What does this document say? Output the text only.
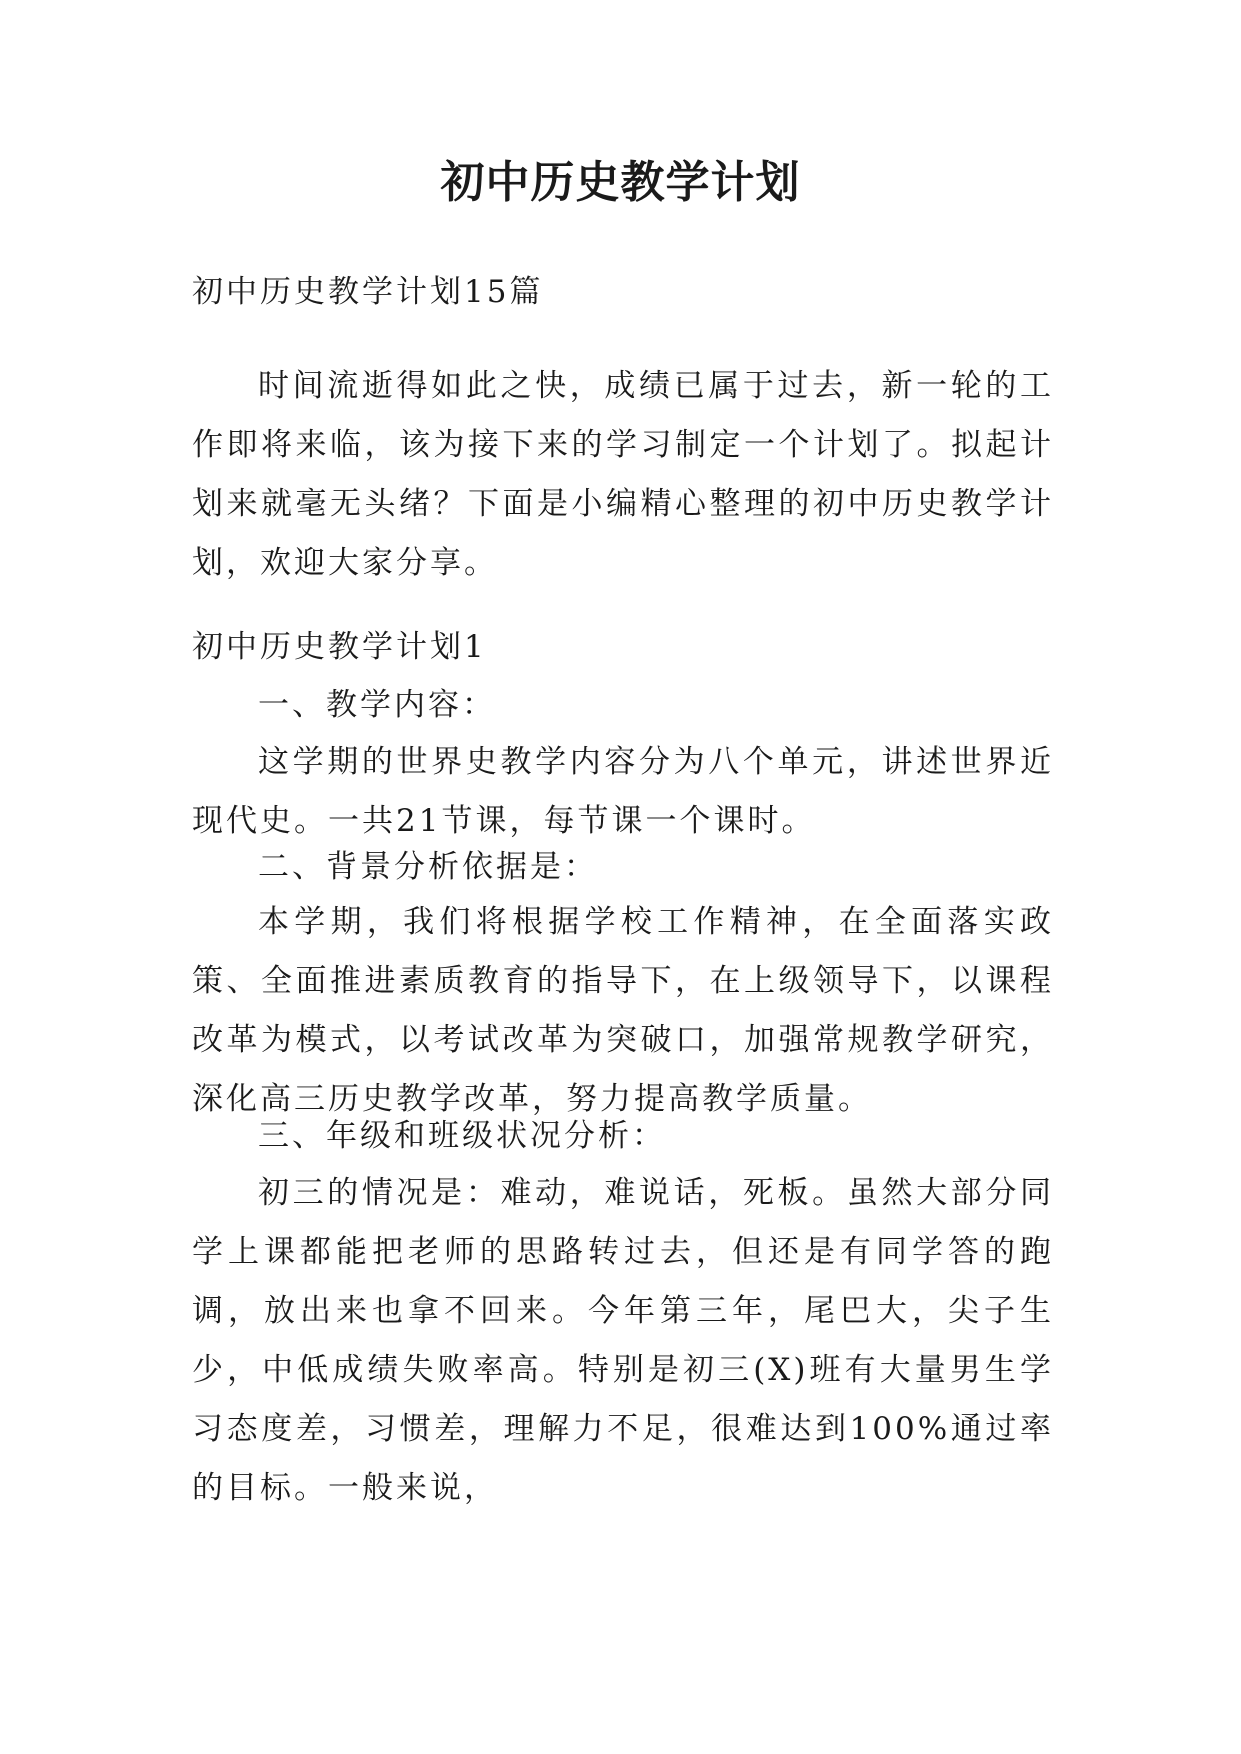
初中历史教学计划

初中历史教学计划15篇

时间流逝得如此之快，成绩已属于过去，新一轮的工作即将来临，该为接下来的学习制定一个计划了。拟起计划来就毫无头绪？下面是小编精心整理的初中历史教学计划，欢迎大家分享。

初中历史教学计划1

一、教学内容：

这学期的世界史教学内容分为八个单元，讲述世界近现代史。一共21节课，每节课一个课时。

二、背景分析依据是：

本学期，我们将根据学校工作精神，在全面落实政策、全面推进素质教育的指导下，在上级领导下，以课程改革为模式，以考试改革为突破口，加强常规教学研究，深化高三历史教学改革，努力提高教学质量。

三、年级和班级状况分析：

初三的情况是：难动，难说话，死板。虽然大部分同学上课都能把老师的思路转过去，但还是有同学答的跑调，放出来也拿不回来。今年第三年，尾巴大，尖子生少，中低成绩失败率高。特别是初三(X)班有大量男生学习态度差，习惯差，理解力不足，很难达到100%通过率的目标。一般来说，
